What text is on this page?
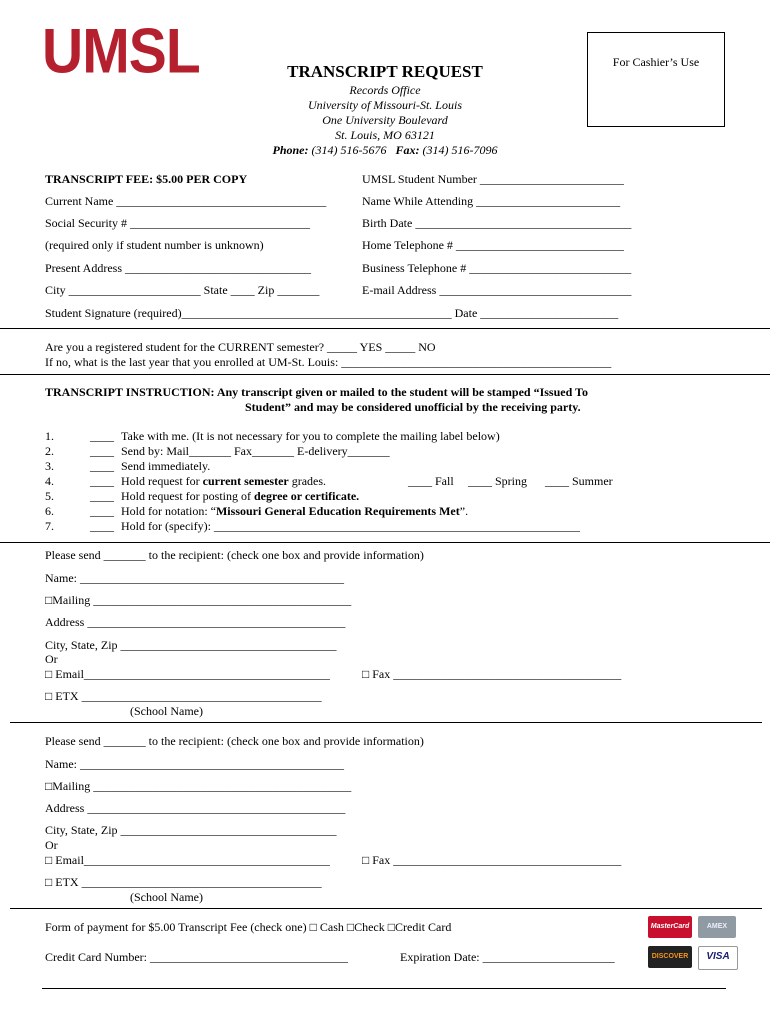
UMSL	For Cashier’s Use
TRANSCRIPT REQUEST
Records Office
University of Missouri-St. Louis
One University Boulevard
St. Louis, MO 63121
Phone: (314) 516-5676 Fax: (314) 516-7096
TRANSCRIPT FEE: $5.00 PER COPY	UMSL Student Number ________________________
Current Name ___________________________________	Name While Attending ________________________
Social Security # ______________________________	Birth Date ____________________________________
(required only if student number is unknown)	Home Telephone # ____________________________
Present Address _______________________________	Business Telephone # ___________________________
City ______________________ State ____ Zip _______	E-mail Address ________________________________
Student Signature (required)_____________________________________________ Date _______________________
Are you a registered student for the CURRENT semester? _____ YES _____ NO
If no, what is the last year that you enrolled at UM-St. Louis: _____________________________________________
TRANSCRIPT INSTRUCTION: Any transcript given or mailed to the student will be stamped “Issued To
Student” and may be considered unofficial by the receiving party.
1.	____ Take with me. (It is not necessary for you to complete the mailing label below)
2.	____ Send by: Mail_______ Fax_______ E-delivery_______
3.	____ Send immediately.
4.	____ Hold request for current semester grades.
5.	____ Hold request for posting of degree or certificate.
6.	____ Hold for notation: “Missouri General Education Requirements Met”.
7.	____ Hold for (specify): _____________________________________________________________
____ Fall ____ Spring ____ Summer
Please send _______ to the recipient: (check one box and provide information)
Name: ____________________________________________
□Mailing ___________________________________________
Address ___________________________________________
City, State, Zip ____________________________________
Or
□ Email_________________________________________	□ Fax ______________________________________
□ ETX ________________________________________
(School Name)
Please send _______ to the recipient: (check one box and provide information)
Name: ____________________________________________
□Mailing ___________________________________________
Address ___________________________________________
City, State, Zip ____________________________________
Or
□ Email_________________________________________	□ Fax ______________________________________
□ ETX ________________________________________
(School Name)
Form of payment for $5.00 Transcript Fee (check one) □ Cash □Check □Credit Card
Credit Card Number: _________________________________	Expiration Date: ______________________
MasterCard	AMEX
DISCOVER	VISA
